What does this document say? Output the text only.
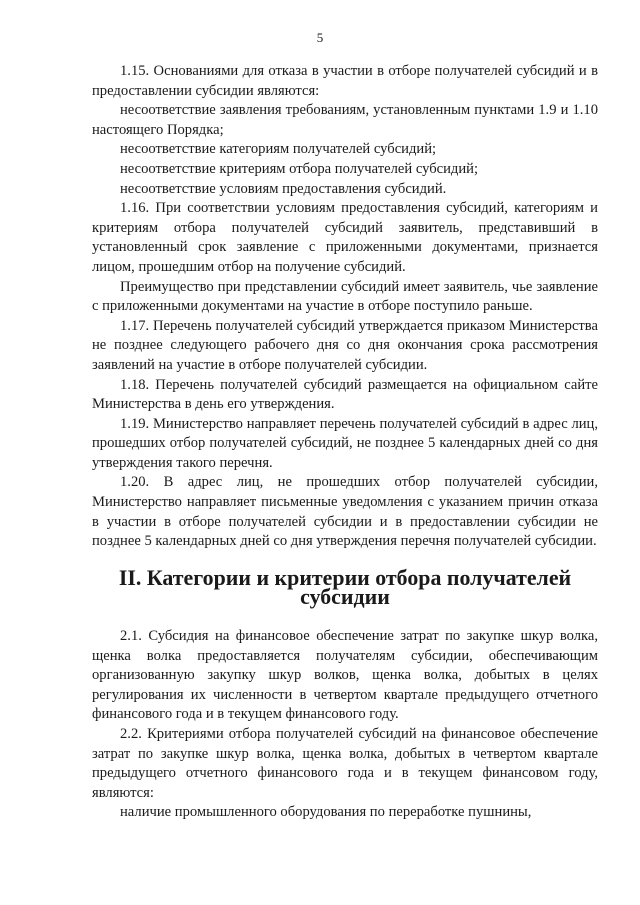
5

1.15. Основаниями для отказа в участии в отборе получателей субсидий и в предоставлении субсидии являются:

несоответствие заявления требованиям, установленным пунктами 1.9 и 1.10 настоящего Порядка;

несоответствие категориям получателей субсидий;

несоответствие критериям отбора получателей субсидий;

несоответствие условиям предоставления субсидий.

1.16. При соответствии условиям предоставления субсидий, категориям и критериям отбора получателей субсидий заявитель, представивший в установленный срок заявление с приложенными документами, признается лицом, прошедшим отбор на получение субсидий.

Преимущество при представлении субсидий имеет заявитель, чье заявление с приложенными документами на участие в отборе поступило раньше.

1.17. Перечень получателей субсидий утверждается приказом Министерства не позднее следующего рабочего дня со дня окончания срока рассмотрения заявлений на участие в отборе получателей субсидии.

1.18. Перечень получателей субсидий размещается на официальном сайте Министерства в день его утверждения.

1.19. Министерство направляет перечень получателей субсидий в адрес лиц, прошедших отбор получателей субсидий, не позднее 5 календарных дней со дня утверждения такого перечня.

1.20. В адрес лиц, не прошедших отбор получателей субсидии, Министерство направляет письменные уведомления с указанием причин отказа в участии в отборе получателей субсидии и в предоставлении субсидии не позднее 5 календарных дней со дня утверждения перечня получателей субсидии.

II. Категории и критерии отбора получателей субсидии

2.1. Субсидия на финансовое обеспечение затрат по закупке шкур волка, щенка волка предоставляется получателям субсидии, обеспечивающим организованную закупку шкур волков, щенка волка, добытых в целях регулирования их численности в четвертом квартале предыдущего отчетного финансового года и в текущем финансового году.

2.2. Критериями отбора получателей субсидий на финансовое обеспечение затрат по закупке шкур волка, щенка волка, добытых в четвертом квартале предыдущего отчетного финансового года и в текущем финансовом году, являются:

наличие промышленного оборудования по переработке пушнины,
